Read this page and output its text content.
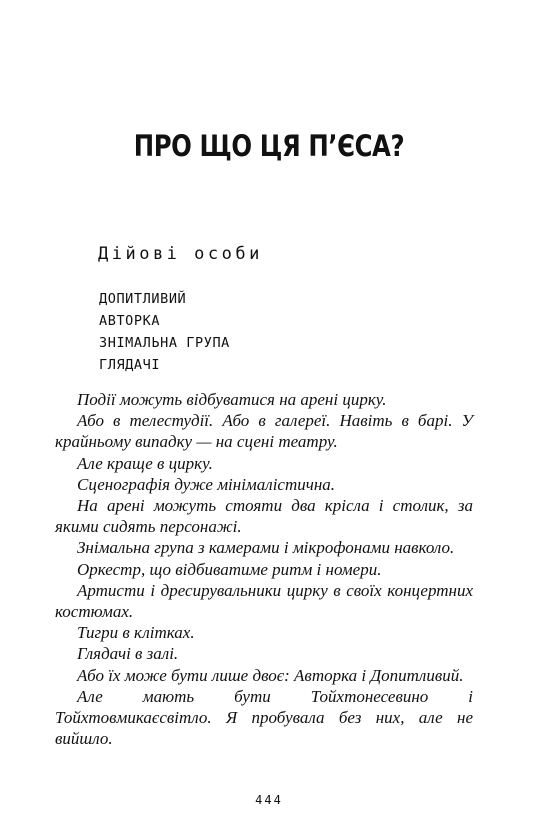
ПРО ЩО ЦЯ П’ЄСА?
Дійові особи
ДОПИТЛИВИЙ
АВТОРКА
ЗНІМАЛЬНА ГРУПА
ГЛЯДАЧІ

Події можуть відбуватися на арені цирку.

Або в телестудії. Або в галереї. Навіть в барі. У крайньому випадку — на сцені театру.

Але краще в цирку.

Сценографія дуже мінімалістична.

На арені можуть стояти два крісла і столик, за якими сидять персонажі.

Знімальна група з камерами і мікрофонами навколо.

Оркестр, що відбиватиме ритм і номери.

Артисти і дресирувальники цирку в своїх концертних костюмах.

Тигри в клітках.

Глядачі в залі.

Або їх може бути лише двоє: Авторка і Допитливий.

Але мають бути Тойхтонесевино і Тойхтовмикаєсвітло. Я пробувала без них, але не вийшло.

444
